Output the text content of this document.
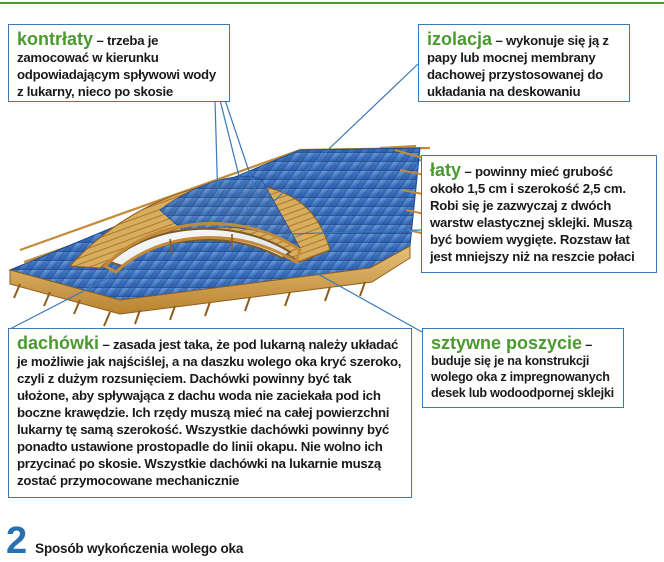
kontrłaty – trzeba je zamocować w kierunku odpowiadającym spływowi wody z lukarny, nieco po skosie
izolacja – wykonuje się ją z papy lub mocnej membrany dachowej przystosowanej do układania na deskowaniu
łaty – powinny mieć grubość około 1,5 cm i szerokość 2,5 cm. Robi się je zazwyczaj z dwóch warstw elastycznej sklejki. Muszą być bowiem wygięte. Rozstaw łat jest mniejszy niż na reszcie połaci
dachówki – zasada jest taka, że pod lukarną należy układać je możliwie jak najściślej, a na daszku wolego oka kryć szeroko, czyli z dużym rozsunięciem. Dachówki powinny być tak ułożone, aby spływająca z dachu woda nie zaciekała pod ich boczne krawędzie. Ich rzędy muszą mieć na całej powierzchni lukarny tę samą szerokość. Wszystkie dachówki powinny być ponadto ustawione prostopadle do linii okapu. Nie wolno ich przycinać po skosie. Wszystkie dachówki na lukarnie muszą zostać przymocowane mechanicznie
sztywne poszycie – buduje się je na konstrukcji wolego oka z impregnowanych desek lub wodoodpornej sklejki
2 Sposób wykończenia wolego oka
